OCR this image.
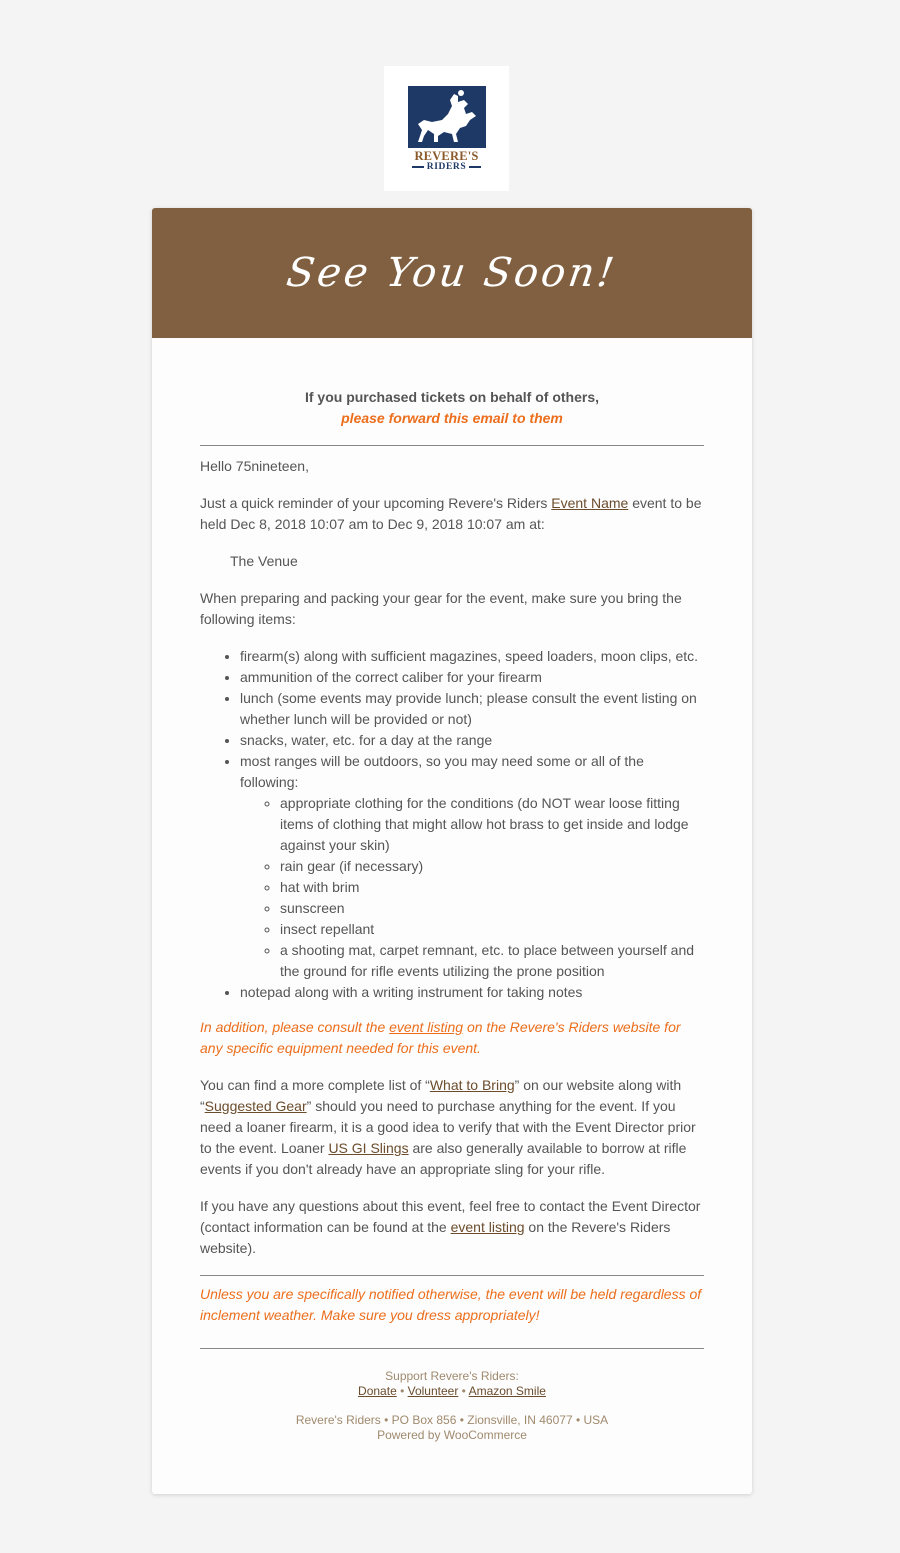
REVERE'S
RIDERS
See You Soon!
If you purchased tickets on behalf of others,
please forward this email to them

Hello 75nineteen,

Just a quick reminder of your upcoming Revere's Riders Event Name event to be held Dec 8, 2018 10:07 am to Dec 9, 2018 10:07 am at:

The Venue

When preparing and packing your gear for the event, make sure you bring the following items:

• firearm(s) along with sufficient magazines, speed loaders, moon clips, etc.
• ammunition of the correct caliber for your firearm
• lunch (some events may provide lunch; please consult the event listing on whether lunch will be provided or not)
• snacks, water, etc. for a day at the range
• most ranges will be outdoors, so you may need some or all of the following:
◦ appropriate clothing for the conditions (do NOT wear loose fitting items of clothing that might allow hot brass to get inside and lodge against your skin)
◦ rain gear (if necessary)
◦ hat with brim
◦ sunscreen
◦ insect repellant
◦ a shooting mat, carpet remnant, etc. to place between yourself and the ground for rifle events utilizing the prone position
• notepad along with a writing instrument for taking notes

In addition, please consult the event listing on the Revere's Riders website for any specific equipment needed for this event.

You can find a more complete list of “What to Bring” on our website along with “Suggested Gear” should you need to purchase anything for the event. If you need a loaner firearm, it is a good idea to verify that with the Event Director prior to the event. Loaner US GI Slings are also generally available to borrow at rifle events if you don't already have an appropriate sling for your rifle.

If you have any questions about this event, feel free to contact the Event Director (contact information can be found at the event listing on the Revere's Riders website).

Unless you are specifically notified otherwise, the event will be held regardless of inclement weather. Make sure you dress appropriately!

Support Revere's Riders:
Donate • Volunteer • Amazon Smile
Revere's Riders • PO Box 856 • Zionsville, IN 46077 • USA
Powered by WooCommerce
